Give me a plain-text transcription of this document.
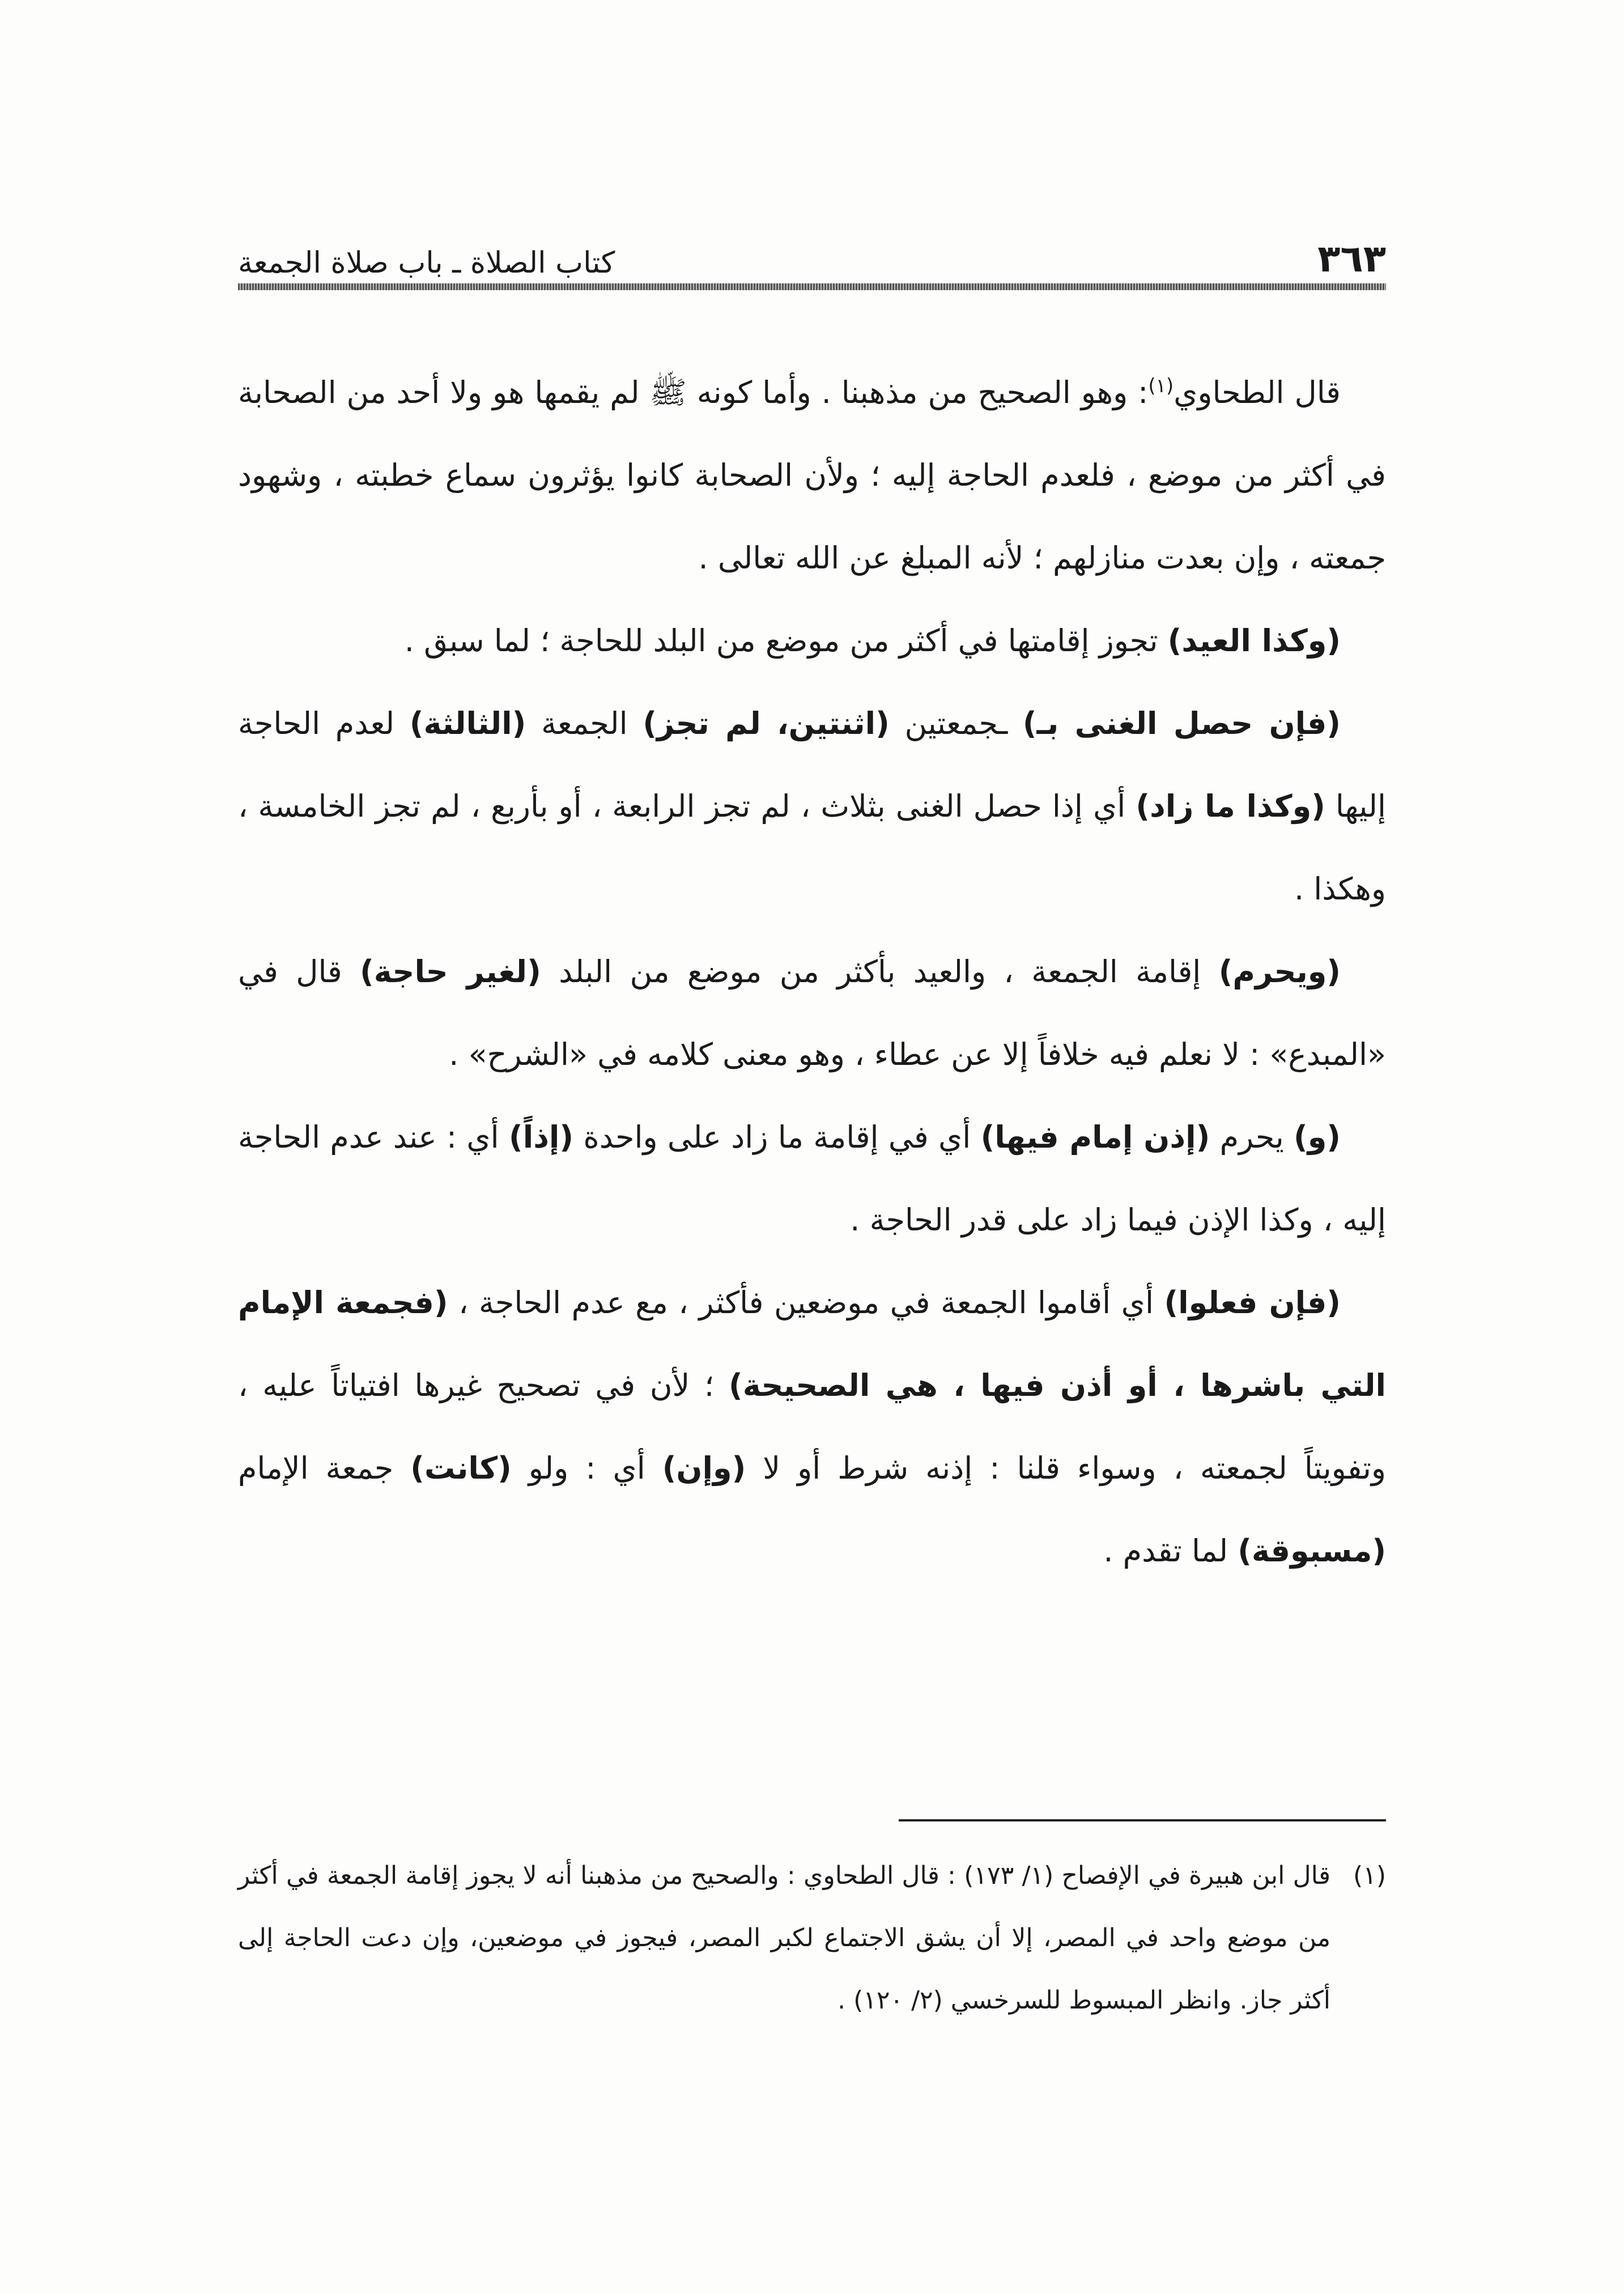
٣٦٣
كتاب الصلاة ـ باب صلاة الجمعة

قال الطحاوي$^{(١)}$: وهو الصحيح من مذهبنا . وأما كونه ﷺ لم يقمها هو ولا أحد من الصحابة في أكثر من موضع ، فلعدم الحاجة إليه ؛ ولأن الصحابة كانوا يؤثرون سماع خطبته ، وشهود جمعته ، وإن بعدت منازلهم ؛ لأنه المبلغ عن الله تعالى .

(وكذا العيد) تجوز إقامتها في أكثر من موضع من البلد للحاجة ؛ لما سبق .

(فإن حصل الغنى بـ) ـجمعتين (اثنتين، لم تجز) الجمعة (الثالثة) لعدم الحاجة إليها (وكذا ما زاد) أي إذا حصل الغنى بثلاث ، لم تجز الرابعة ، أو بأربع ، لم تجز الخامسة ، وهكذا .

(ويحرم) إقامة الجمعة ، والعيد بأكثر من موضع من البلد (لغير حاجة) قال في «المبدع» : لا نعلم فيه خلافاً إلا عن عطاء ، وهو معنى كلامه في «الشرح» .

(و) يحرم (إذن إمام فيها) أي في إقامة ما زاد على واحدة (إذاً) أي : عند عدم الحاجة إليه ، وكذا الإذن فيما زاد على قدر الحاجة .

(فإن فعلوا) أي أقاموا الجمعة في موضعين فأكثر ، مع عدم الحاجة ، (فجمعة الإمام التي باشرها ، أو أذن فيها ، هي الصحيحة) ؛ لأن في تصحيح غيرها افتياتاً عليه ، وتفويتاً لجمعته ، وسواء قلنا : إذنه شرط أو لا (وإن) أي : ولو (كانت) جمعة الإمام (مسبوقة) لما تقدم .

(١)
قال ابن هبيرة في الإفصاح (١/ ١٧٣) : قال الطحاوي : والصحيح من مذهبنا أنه لا يجوز إقامة الجمعة في أكثر من موضع واحد في المصر، إلا أن يشق الاجتماع لكبر المصر، فيجوز في موضعين، وإن دعت الحاجة إلى أكثر جاز. وانظر المبسوط للسرخسي (٢/ ١٢٠) .
